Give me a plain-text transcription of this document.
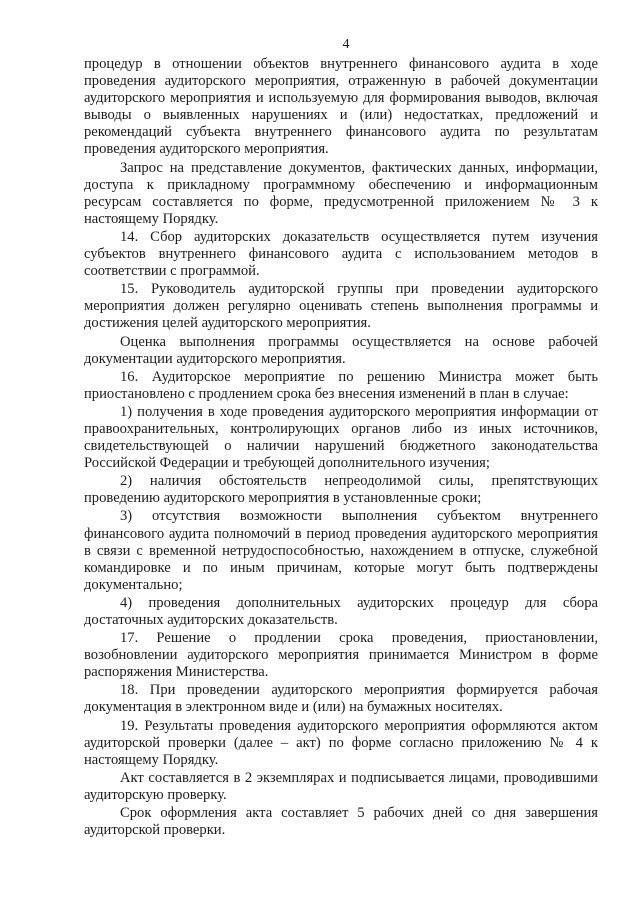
4

процедур в отношении объектов внутреннего финансового аудита в ходе проведения аудиторского мероприятия, отраженную в рабочей документации аудиторского мероприятия и используемую для формирования выводов, включая выводы о выявленных нарушениях и (или) недостатках, предложений и рекомендаций субъекта внутреннего финансового аудита по результатам проведения аудиторского мероприятия.

Запрос на представление документов, фактических данных, информации, доступа к прикладному программному обеспечению и информационным ресурсам составляется по форме, предусмотренной приложением № 3 к настоящему Порядку.

14. Сбор аудиторских доказательств осуществляется путем изучения субъектов внутреннего финансового аудита с использованием методов в соответствии с программой.

15. Руководитель аудиторской группы при проведении аудиторского мероприятия должен регулярно оценивать степень выполнения программы и достижения целей аудиторского мероприятия.

Оценка выполнения программы осуществляется на основе рабочей документации аудиторского мероприятия.

16. Аудиторское мероприятие по решению Министра может быть приостановлено с продлением срока без внесения изменений в план в случае:

1) получения в ходе проведения аудиторского мероприятия информации от правоохранительных, контролирующих органов либо из иных источников, свидетельствующей о наличии нарушений бюджетного законодательства Российской Федерации и требующей дополнительного изучения;

2) наличия обстоятельств непреодолимой силы, препятствующих проведению аудиторского мероприятия в установленные сроки;

3) отсутствия возможности выполнения субъектом внутреннего финансового аудита полномочий в период проведения аудиторского мероприятия в связи с временной нетрудоспособностью, нахождением в отпуске, служебной командировке и по иным причинам, которые могут быть подтверждены документально;

4) проведения дополнительных аудиторских процедур для сбора достаточных аудиторских доказательств.

17. Решение о продлении срока проведения, приостановлении, возобновлении аудиторского мероприятия принимается Министром в форме распоряжения Министерства.

18. При проведении аудиторского мероприятия формируется рабочая документация в электронном виде и (или) на бумажных носителях.

19. Результаты проведения аудиторского мероприятия оформляются актом аудиторской проверки (далее – акт) по форме согласно приложению № 4 к настоящему Порядку.

Акт составляется в 2 экземплярах и подписывается лицами, проводившими аудиторскую проверку.

Срок оформления акта составляет 5 рабочих дней со дня завершения аудиторской проверки.
